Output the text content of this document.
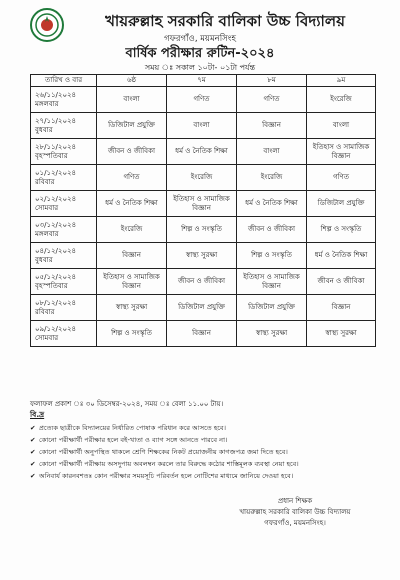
খায়রুল্লাহ সরকারি বালিকা উচ্চ বিদ্যালয়
গফরগাঁও, ময়মনসিংহ
বার্ষিক পরীক্ষার রুটিন-২০২৪
সময় ঃ সকাল ১০টা- ০১টা পর্যন্ত
তারিখ ও বার	৬ষ্ঠ	৭ম	৮ম	৯ম

২৬/১১/২০২৪
মঙ্গলবার	বাংলা	গণিত	গণিত	ইংরেজি

২৭/১১/২০২৪
বুধবার	ডিজিটাল প্রযুক্তি	বাংলা	বিজ্ঞান	বাংলা

২৮/১১/২০২৪
বৃহস্পতিবার	জীবন ও জীবিকা	ধর্ম ও নৈতিক শিক্ষা	বাংলা	ইতিহাস ও সামাজিক বিজ্ঞান

০১/১২/২০২৪
রবিবার	গণিত	ইংরেজি	ইংরেজি	গণিত

০২/১২/২০২৪
সোমবার	ধর্ম ও নৈতিক শিক্ষা	ইতিহাস ও সামাজিক বিজ্ঞান	ধর্ম ও নৈতিক শিক্ষা	ডিজিটাল প্রযুক্তি

০৩/১২/২০২৪
মঙ্গলবার	ইংরেজি	শিল্প ও সংস্কৃতি	জীবন ও জীবিকা	শিল্প ও সংস্কৃতি

০৪/১২/২০২৪
বুধবার	বিজ্ঞান	স্বাস্থ্য সুরক্ষা	শিল্প ও সংস্কৃতি	ধর্ম ও নৈতিক শিক্ষা

০৫/১২/২০২৪
বৃহস্পতিবার	ইতিহাস ও সামাজিক বিজ্ঞান	জীবন ও জীবিকা	ইতিহাস ও সামাজিক বিজ্ঞান	জীবন ও জীবিকা

০৮/১২/২০২৪
রবিবার	স্বাস্থ্য সুরক্ষা	ডিজিটাল প্রযুক্তি	ডিজিটাল প্রযুক্তি	বিজ্ঞান

০৯/১২/২০২৪
সোমবার	শিল্প ও সংস্কৃতি	বিজ্ঞান	স্বাস্থ্য সুরক্ষা	স্বাস্থ্য সুরক্ষা
ফলাফল প্রকাশ ঃ ৩০ ডিসেম্বর-২০২৪, সময় ঃ বেলা ১১.০০ টায়।
বি.দ্র
✔ প্রত্যেক ছাত্রীকে বিদ্যালয়ের নির্ধারিত পোষাক পরিধান করে আসতে হবে।
✔ কোনো পরীক্ষার্থী পরীক্ষার হলে বই-খাতা ও ব্যাগ সঙ্গে আনতে পারবে না।
✔ কোনো পরীক্ষার্থী অনুপস্থিত থাকলে শ্রেণি শিক্ষকের নিকট প্রয়োজনীয় কাগজপত্র জমা দিতে হবে।
✔ কোনো পরীক্ষার্থী পরীক্ষায় অসদুপায় অবলম্বন করলে তার বিরুদ্ধে কঠোর শাস্তিমূলক ব্যবস্থা নেয়া হবে।
✔ অনিবার্য কারনবশতঃ কোন পরীক্ষার সময়সূচি পরিবর্তন হলে নোটিশের মাধ্যমে জানিয়ে দেওয়া হবে।
প্রধান শিক্ষক
খায়রুল্লাহ সরকারি বালিকা উচ্চ বিদ্যালয়
গফরগাঁও, ময়মনসিংহ।
